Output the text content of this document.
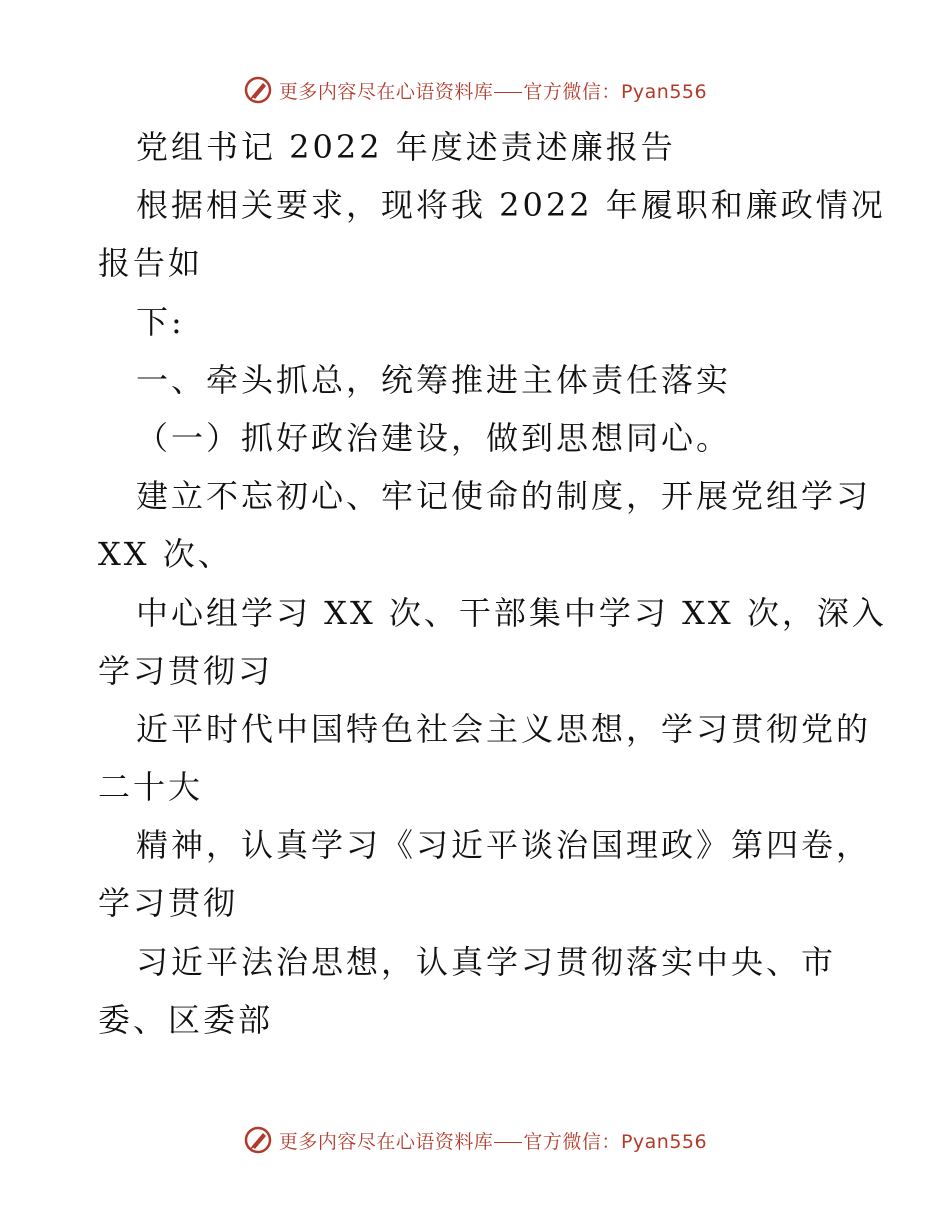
更多内容尽在心语资料库 官方微信：Pyan556
党组书记 2022 年度述责述廉报告
根据相关要求，现将我 2022 年履职和廉政情况
报告如
下:
一、牵头抓总，统筹推进主体责任落实
（一）抓好政治建设，做到思想同心。
建立不忘初心、牢记使命的制度，开展党组学习
XX 次、
中心组学习 XX 次、干部集中学习 XX 次，深入
学习贯彻习
近平时代中国特色社会主义思想，学习贯彻党的
二十大
精神，认真学习《习近平谈治国理政》第四卷，
学习贯彻
习近平法治思想，认真学习贯彻落实中央、市
委、区委部
更多内容尽在心语资料库 官方微信：Pyan556
